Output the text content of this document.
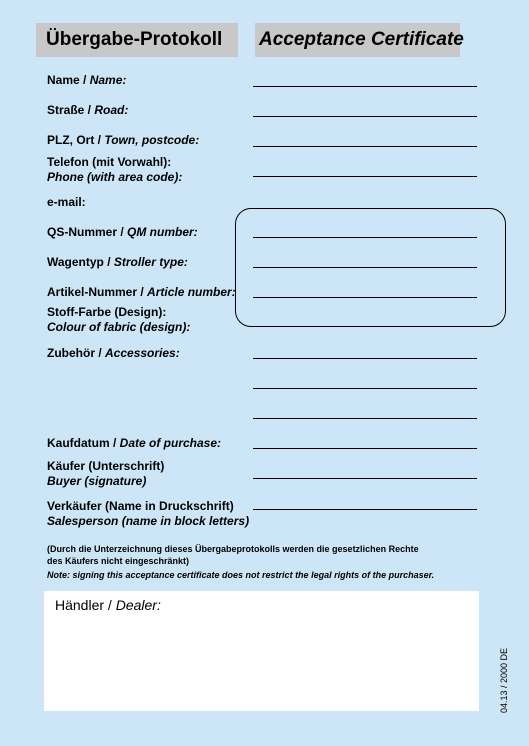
Übergabe-Protokoll	Acceptance Certificate
Name / Name:
Straße / Road:
PLZ, Ort / Town, postcode:
Telefon (mit Vorwahl):
Phone (with area code):
e-mail:
QS-Nummer / QM number:
Wagentyp / Stroller type:
Artikel-Nummer / Article number:
Stoff-Farbe (Design):
Colour of fabric (design):
Zubehör / Accessories:
Kaufdatum / Date of purchase:
Käufer (Unterschrift)
Buyer (signature)
Verkäufer (Name in Druckschrift)
Salesperson (name in block letters)
(Durch die Unterzeichnung dieses Übergabeprotokolls werden die gesetzlichen Rechte
des Käufers nicht eingeschränkt)
Note: signing this acceptance certificate does not restrict the legal rights of the purchaser.
Händler / Dealer:
04.13 / 2000 DE
